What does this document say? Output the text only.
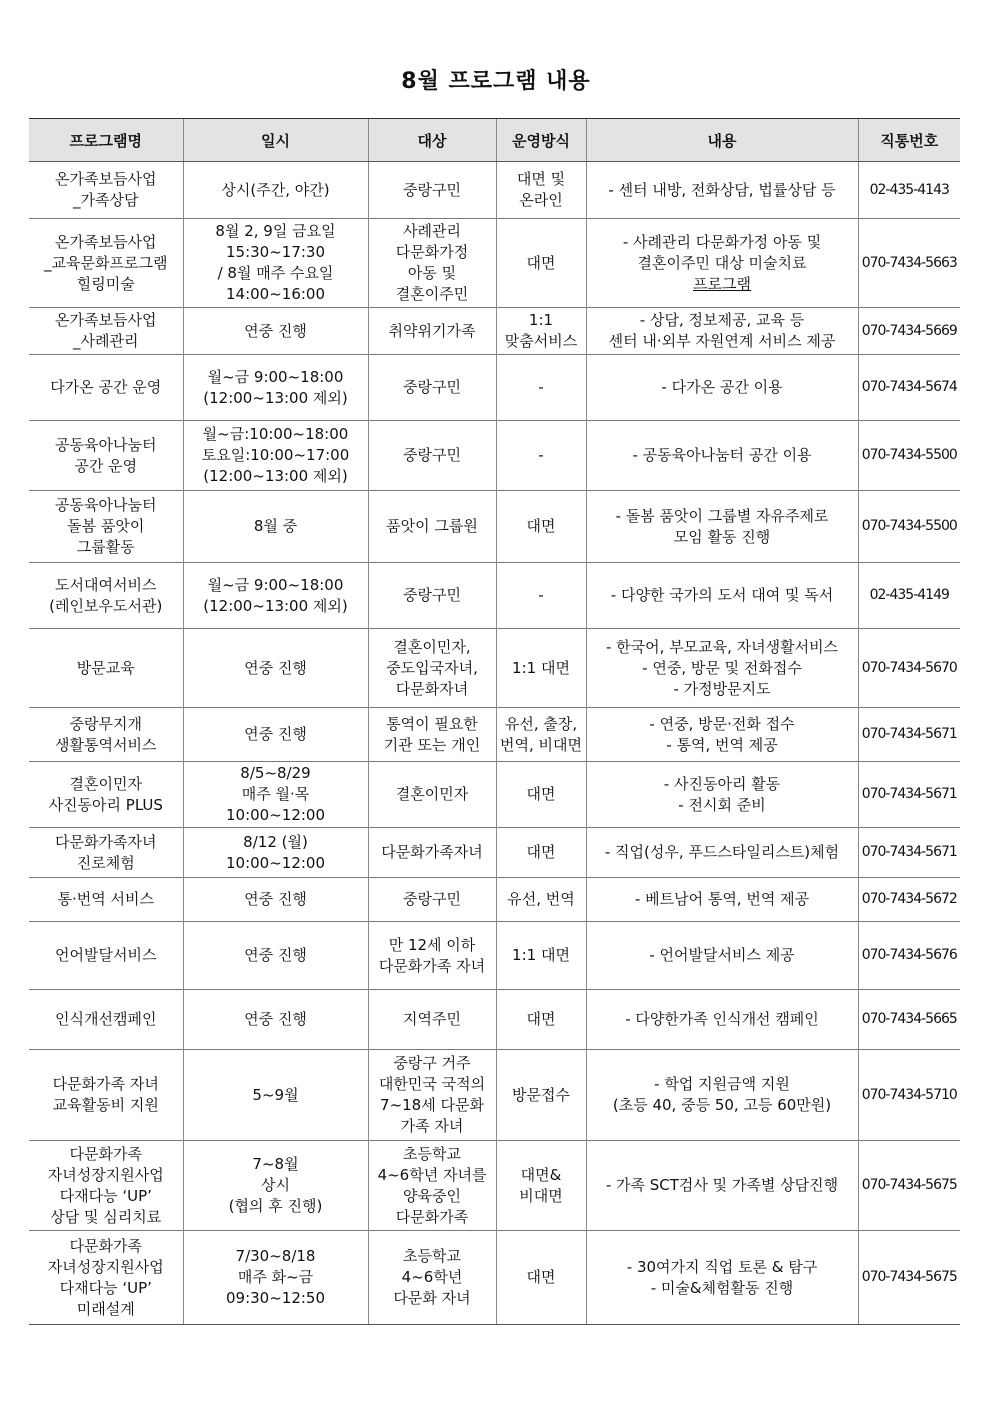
8월 프로그램 내용
프로그램명	일시	대상	운영방식	내용	직통번호

온가족보듬사업
_가족상담	상시(주간, 야간)	중랑구민	대면 및
온라인	- 센터 내방, 전화상담, 법률상담 등	02-435-4143

온가족보듬사업
_교육문화프로그램
힐링미술	8월 2, 9일 금요일
15:30~17:30
/ 8월 매주 수요일
14:00~16:00	사례관리
다문화가정
아동 및
결혼이주민	대면	- 사례관리 다문화가정 아동 및
결혼이주민 대상 미술치료
프로그램	070-7434-5663

온가족보듬사업
_사례관리	연중 진행	취약위기가족	1:1
맞춤서비스	- 상담, 정보제공, 교육 등
센터 내·외부 자원연계 서비스 제공	070-7434-5669

다가온 공간 운영	월~금 9:00~18:00
(12:00~13:00 제외)	중랑구민	-	- 다가온 공간 이용	070-7434-5674

공동육아나눔터
공간 운영	월~금:10:00~18:00
토요일:10:00~17:00
(12:00~13:00 제외)	중랑구민	-	- 공동육아나눔터 공간 이용	070-7434-5500

공동육아나눔터
돌봄 품앗이
그룹활동	8월 중	품앗이 그룹원	대면	- 돌봄 품앗이 그룹별 자유주제로
모임 활동 진행	070-7434-5500

도서대여서비스
(레인보우도서관)	월~금 9:00~18:00
(12:00~13:00 제외)	중랑구민	-	- 다양한 국가의 도서 대여 및 독서	02-435-4149

방문교육	연중 진행	결혼이민자,
중도입국자녀,
다문화자녀	1:1 대면	- 한국어, 부모교육, 자녀생활서비스
- 연중, 방문 및 전화접수
- 가정방문지도	070-7434-5670

중랑무지개
생활통역서비스	연중 진행	통역이 필요한
기관 또는 개인	유선, 출장,
번역, 비대면	- 연중, 방문·전화 접수
- 통역, 번역 제공	070-7434-5671

결혼이민자
사진동아리 PLUS	8/5~8/29
매주 월·목
10:00~12:00	결혼이민자	대면	- 사진동아리 활동
- 전시회 준비	070-7434-5671

다문화가족자녀
진로체험	8/12 (월)
10:00~12:00	다문화가족자녀	대면	- 직업(성우, 푸드스타일리스트)체험	070-7434-5671

통·번역 서비스	연중 진행	중랑구민	유선, 번역	- 베트남어 통역, 번역 제공	070-7434-5672

언어발달서비스	연중 진행	만 12세 이하
다문화가족 자녀	1:1 대면	- 언어발달서비스 제공	070-7434-5676

인식개선캠페인	연중 진행	지역주민	대면	- 다양한가족 인식개선 캠페인	070-7434-5665

다문화가족 자녀
교육활동비 지원	5~9월	중랑구 거주
대한민국 국적의
7~18세 다문화
가족 자녀	방문접수	- 학업 지원금액 지원
(초등 40, 중등 50, 고등 60만원)	070-7434-5710

다문화가족
자녀성장지원사업
다재다능 ‘UP’
상담 및 심리치료	7~8월
상시
(협의 후 진행)	초등학교
4~6학년 자녀를
양육중인
다문화가족	대면&
비대면	- 가족 SCT검사 및 가족별 상담진행	070-7434-5675

다문화가족
자녀성장지원사업
다재다능 ‘UP’
미래설계	7/30~8/18
매주 화~금
09:30~12:50	초등학교
4~6학년
다문화 자녀	대면	- 30여가지 직업 토론 & 탐구
- 미술&체험활동 진행	070-7434-5675
